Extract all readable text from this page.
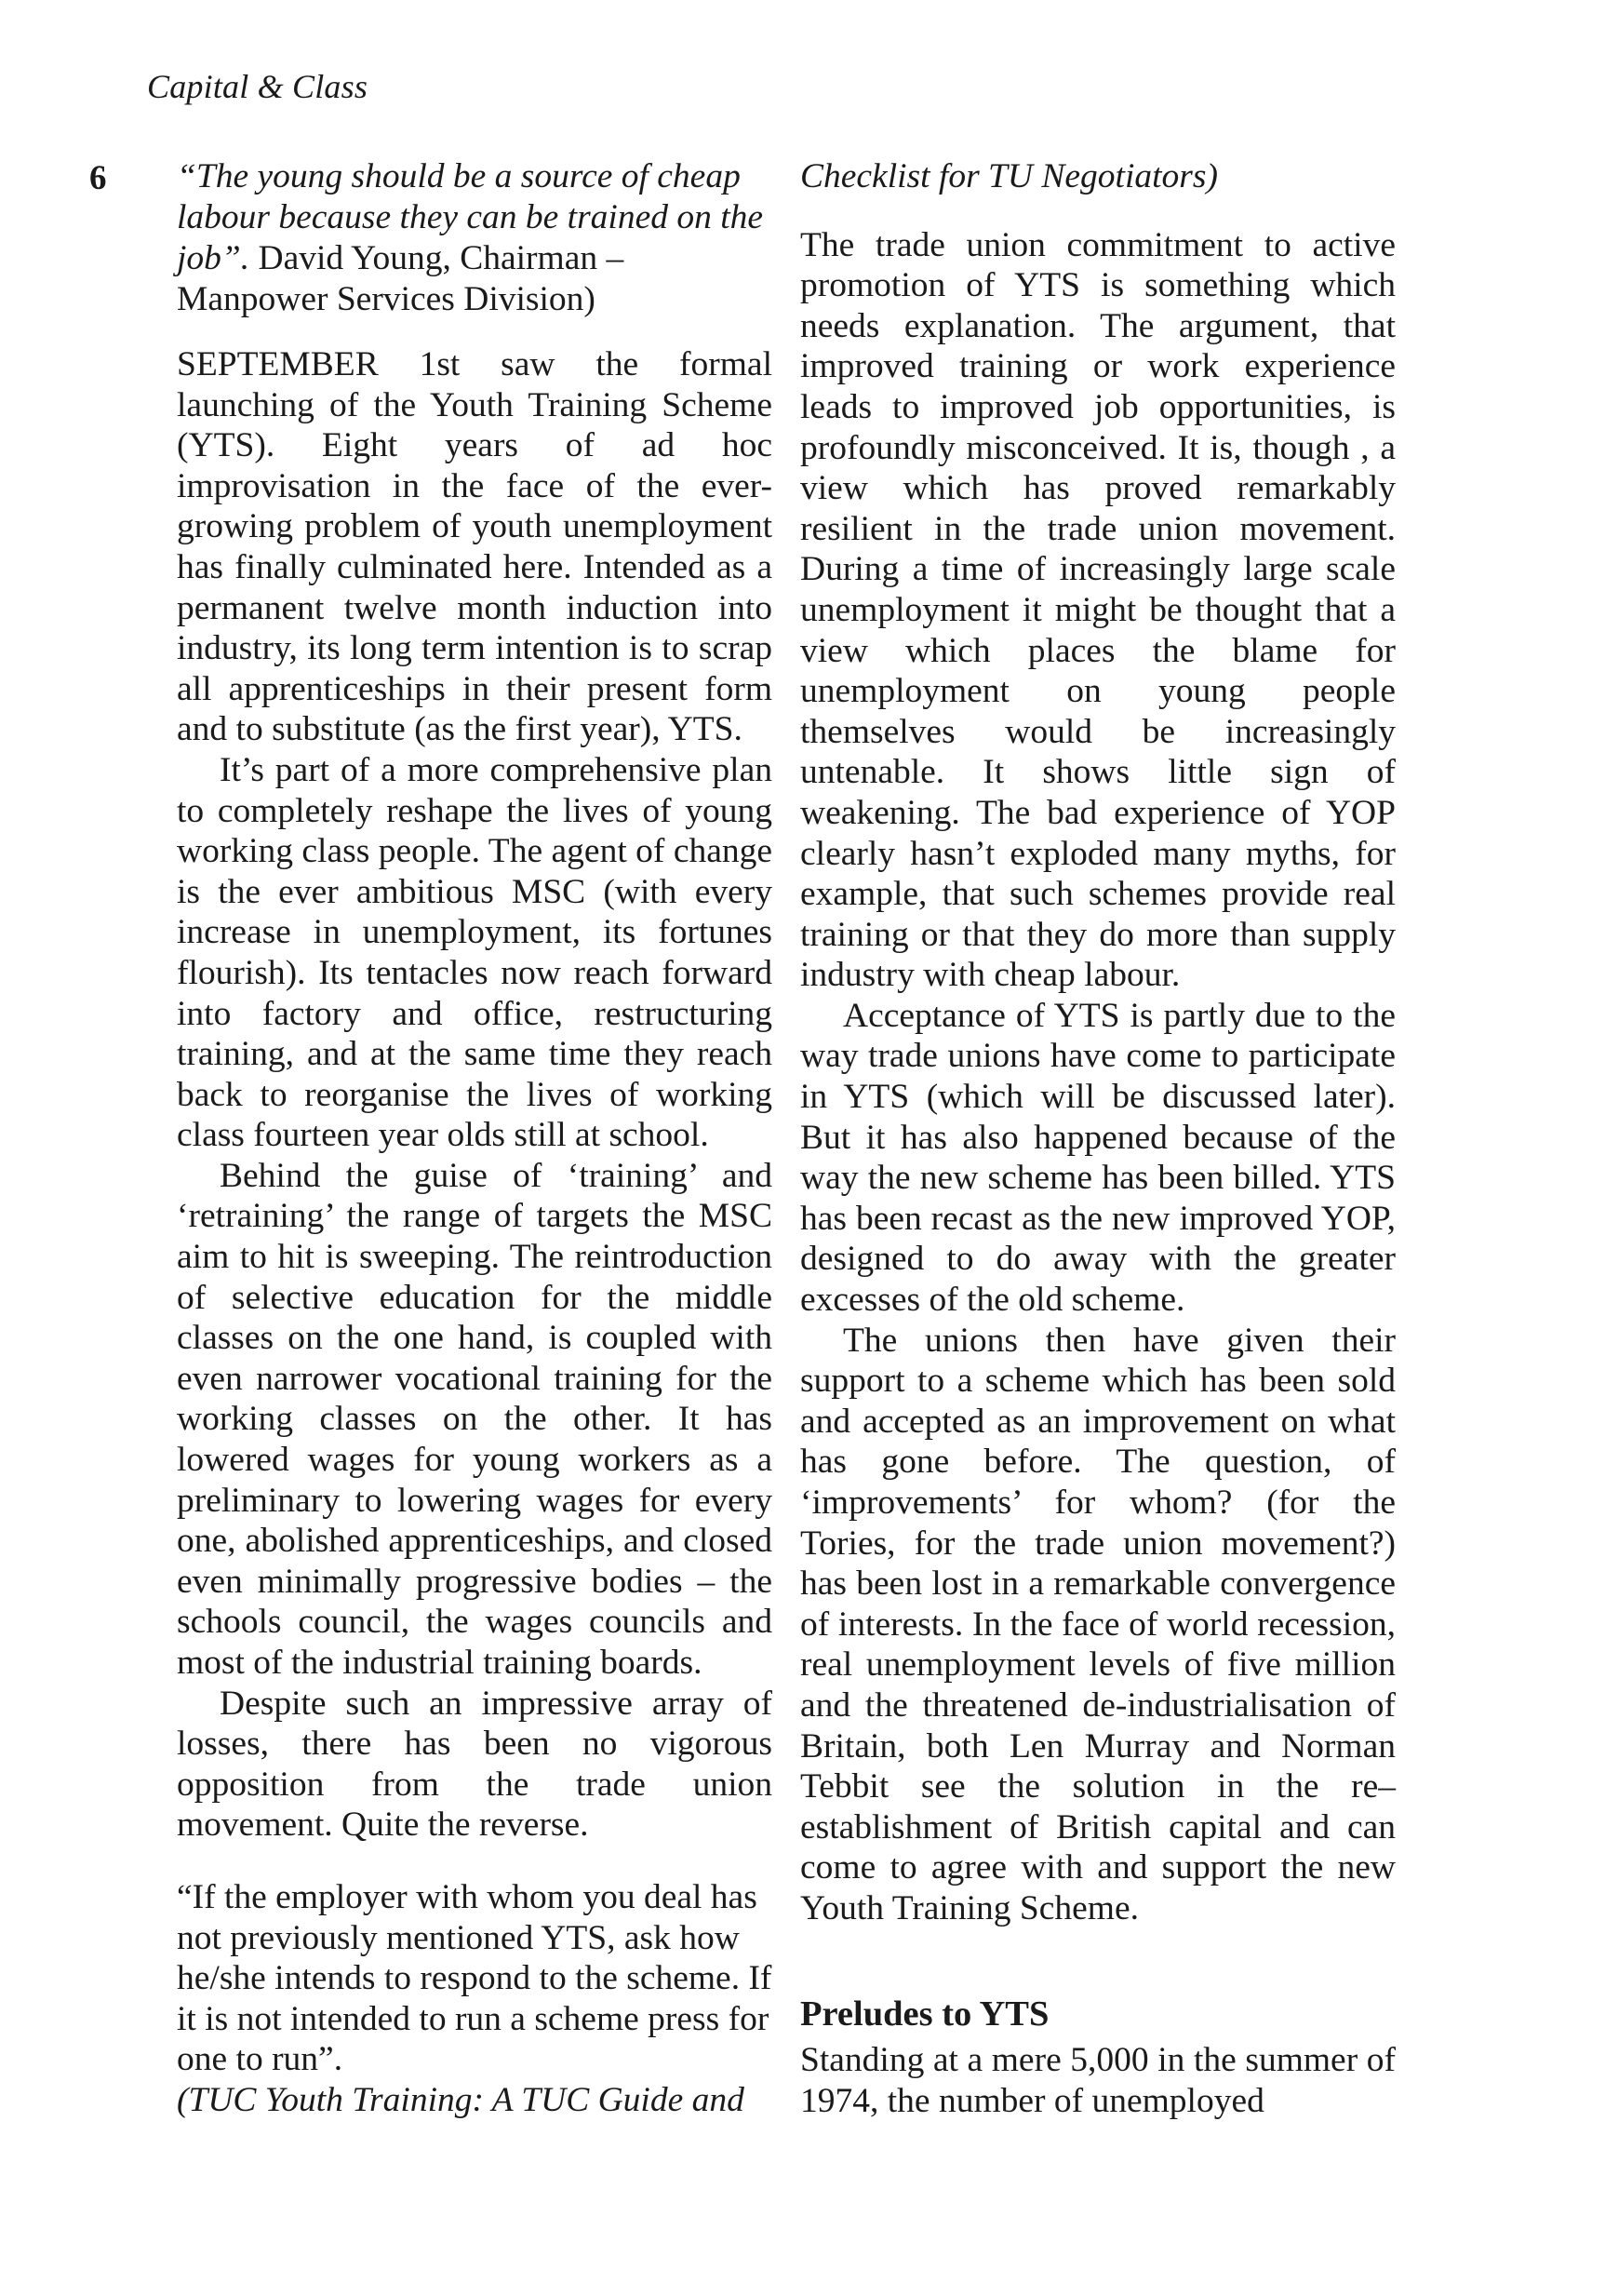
Capital & Class
6 “The young should be a source of cheap labour because they can be trained on the job”. David Young, Chairman – Manpower Services Division)

SEPTEMBER 1st saw the formal launching of the Youth Training Scheme (YTS). Eight years of ad hoc improvisation in the face of the ever-growing problem of youth unemployment has finally culminated here. Intended as a permanent twelve month induction into industry, its long term intention is to scrap all apprenticeships in their present form and to substitute (as the first year), YTS.

It’s part of a more comprehensive plan to completely reshape the lives of young working class people. The agent of change is the ever ambitious MSC (with every increase in unemployment, its fortunes flourish). Its tentacles now reach forward into factory and office, restructuring training, and at the same time they reach back to reorganise the lives of working class fourteen year olds still at school.

Behind the guise of ‘training’ and ‘retraining’ the range of targets the MSC aim to hit is sweeping. The reintroduction of selective education for the middle classes on the one hand, is coupled with even narrower vocational training for the working classes on the other. It has lowered wages for young workers as a preliminary to lowering wages for every one, abolished apprenticeships, and closed even minimally progressive bodies – the schools council, the wages councils and most of the industrial training boards.

Despite such an impressive array of losses, there has been no vigorous opposition from the trade union movement. Quite the reverse.

“If the employer with whom you deal has not previously mentioned YTS, ask how he/she intends to respond to the scheme. If it is not intended to run a scheme press for one to run”.

(TUC Youth Training: A TUC Guide and

Checklist for TU Negotiators)

The trade union commitment to active promotion of YTS is something which needs explanation. The argument, that improved training or work experience leads to improved job opportunities, is profoundly misconceived. It is, though , a view which has proved remarkably resilient in the trade union movement. During a time of increasingly large scale unemployment it might be thought that a view which places the blame for unemployment on young people themselves would be increasingly untenable. It shows little sign of weakening. The bad experience of YOP clearly hasn’t exploded many myths, for example, that such schemes provide real training or that they do more than supply industry with cheap labour.

Acceptance of YTS is partly due to the way trade unions have come to participate in YTS (which will be discussed later). But it has also happened because of the way the new scheme has been billed. YTS has been recast as the new improved YOP, designed to do away with the greater excesses of the old scheme.

The unions then have given their support to a scheme which has been sold and accepted as an improvement on what has gone before. The question, of ‘improvements’ for whom? (for the Tories, for the trade union movement?) has been lost in a remarkable convergence of interests. In the face of world recession, real unemployment levels of five million and the threatened de-industrialisation of Britain, both Len Murray and Norman Tebbit see the solution in the re–establishment of British capital and can come to agree with and support the new Youth Training Scheme.

Preludes to YTS

Standing at a mere 5,000 in the summer of 1974, the number of unemployed
